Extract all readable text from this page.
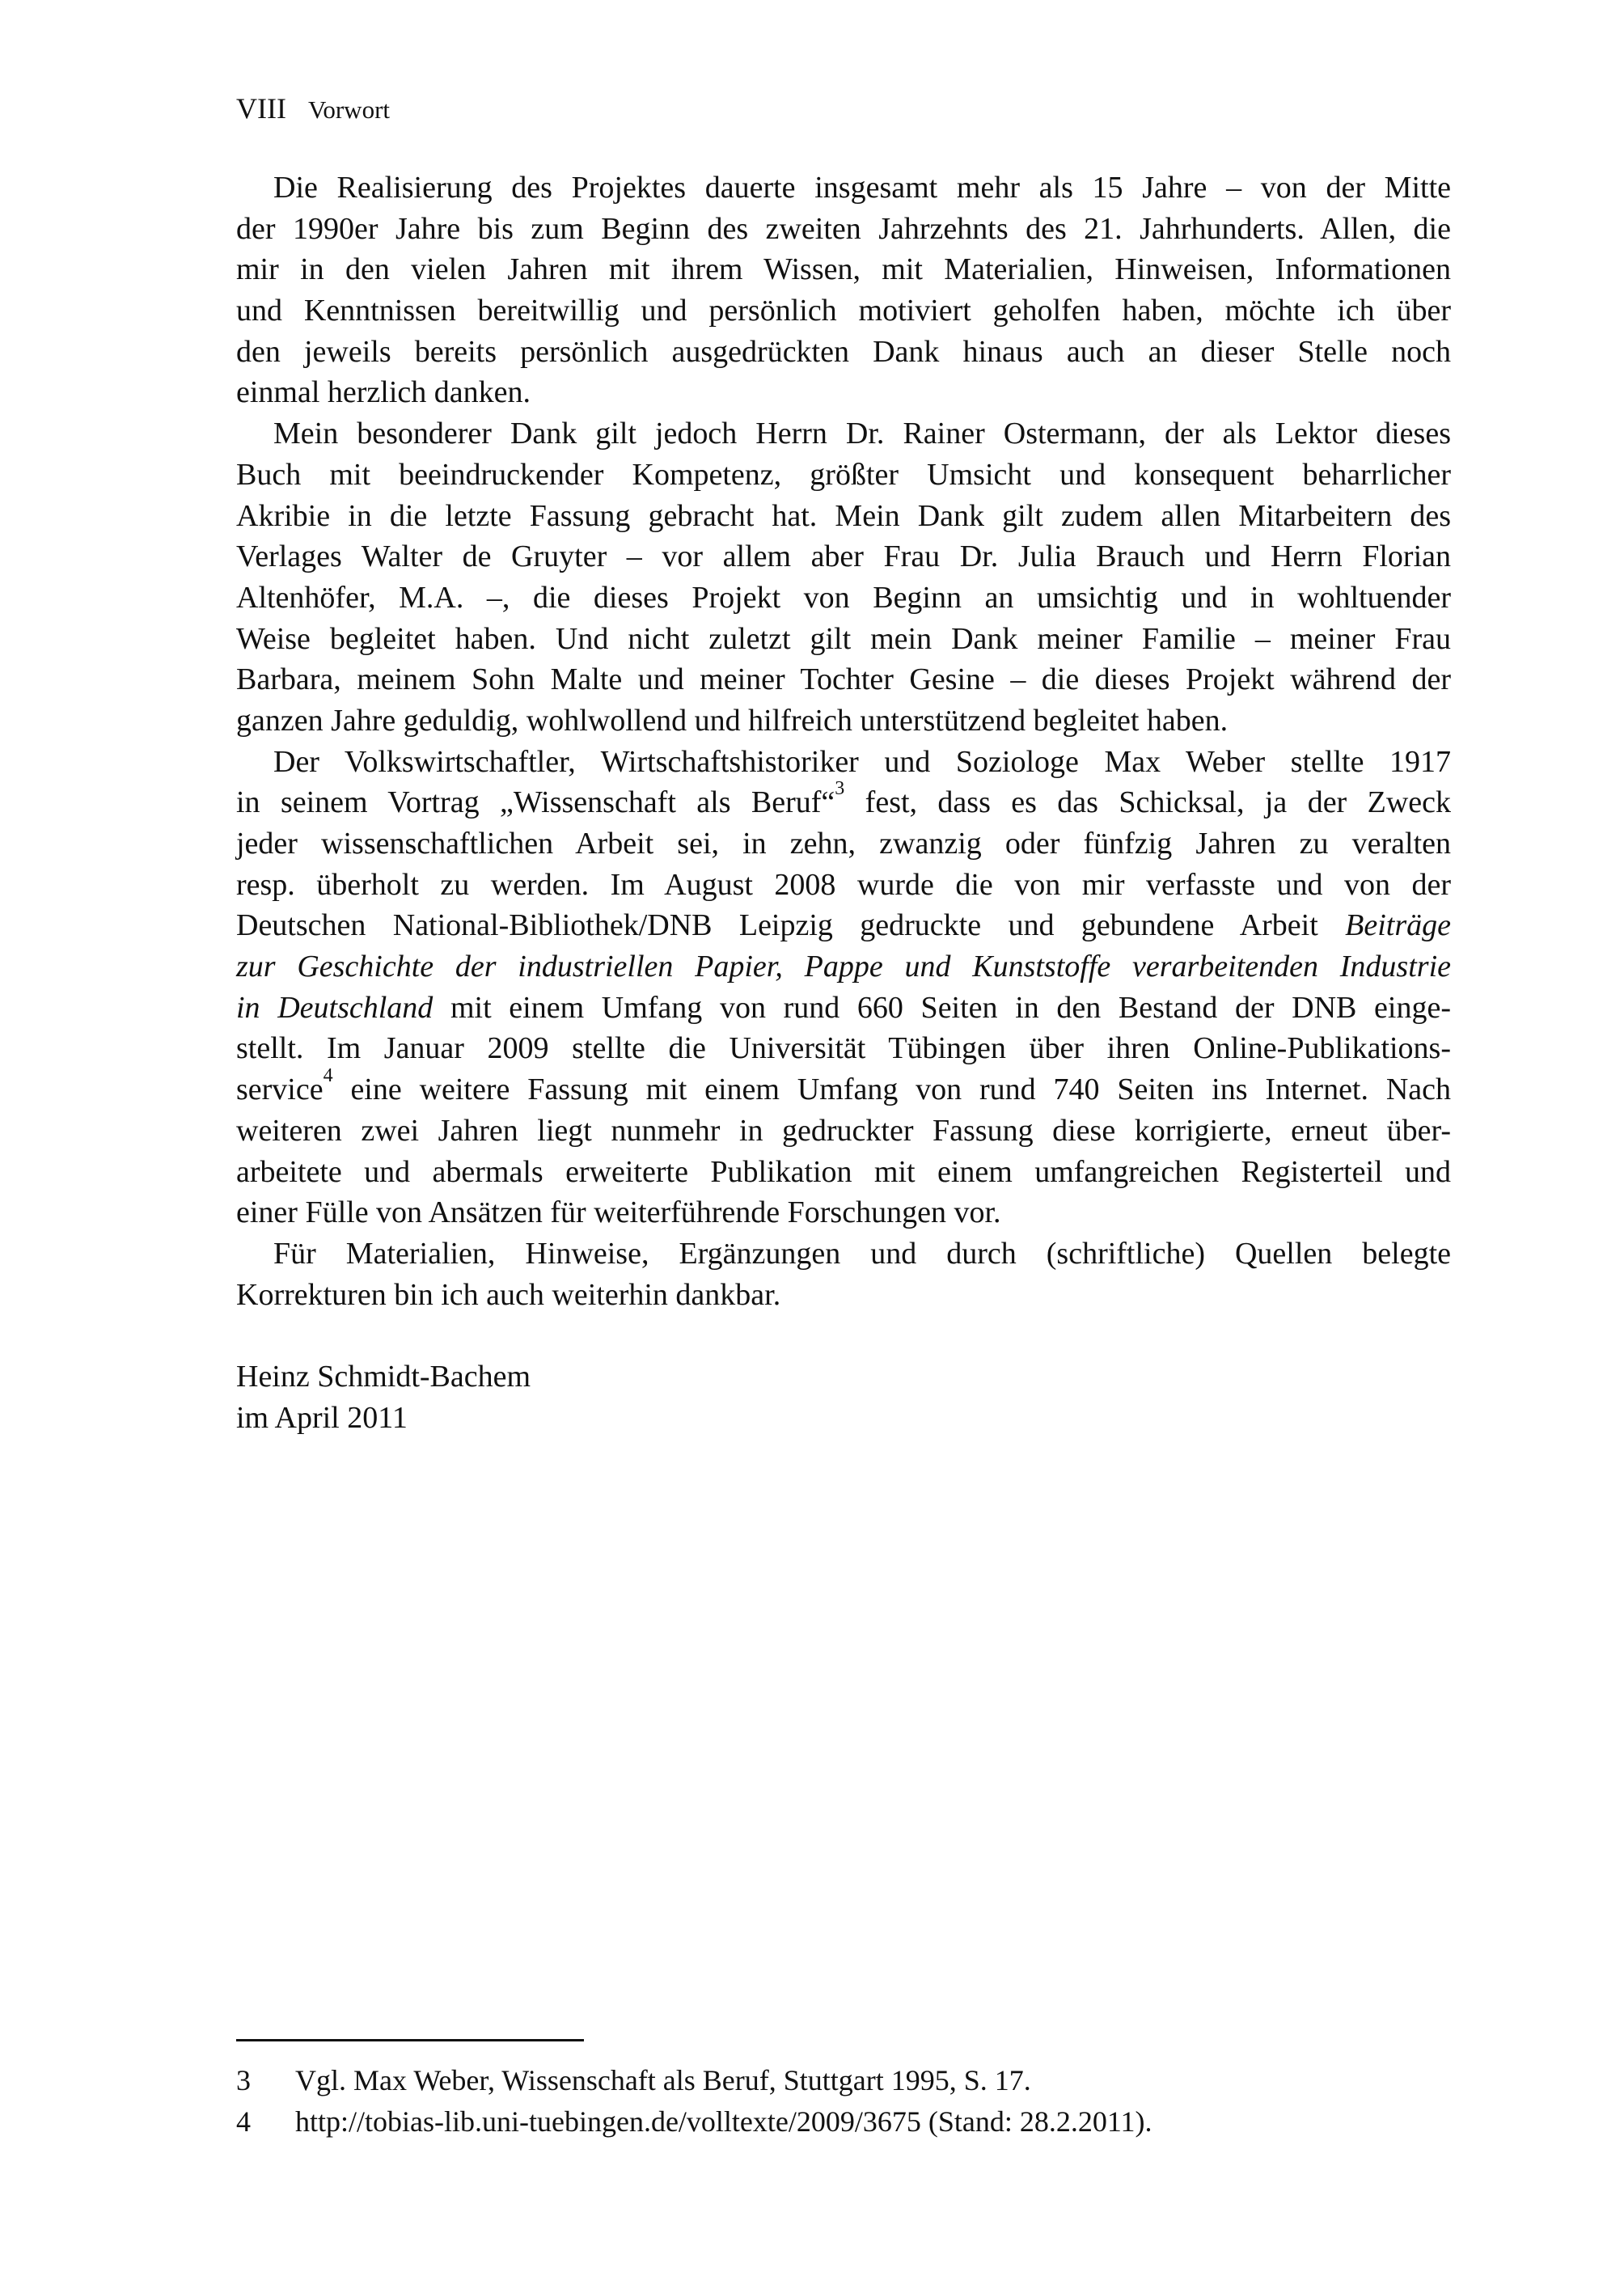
VIII Vorwort
Die Realisierung des Projektes dauerte insgesamt mehr als 15 Jahre – von der Mitte
der 1990er Jahre bis zum Beginn des zweiten Jahrzehnts des 21. Jahrhunderts. Allen, die
mir in den vielen Jahren mit ihrem Wissen, mit Materialien, Hinweisen, Informationen
und Kenntnissen bereitwillig und persönlich motiviert geholfen haben, möchte ich über
den jeweils bereits persönlich ausgedrückten Dank hinaus auch an dieser Stelle noch
einmal herzlich danken.
Mein besonderer Dank gilt jedoch Herrn Dr. Rainer Ostermann, der als Lektor dieses
Buch mit beeindruckender Kompetenz, größter Umsicht und konsequent beharrlicher
Akribie in die letzte Fassung gebracht hat. Mein Dank gilt zudem allen Mitarbeitern des
Verlages Walter de Gruyter – vor allem aber Frau Dr. Julia Brauch und Herrn Florian
Altenhöfer, M.A. –, die dieses Projekt von Beginn an umsichtig und in wohltuender
Weise begleitet haben. Und nicht zuletzt gilt mein Dank meiner Familie – meiner Frau
Barbara, meinem Sohn Malte und meiner Tochter Gesine – die dieses Projekt während der
ganzen Jahre geduldig, wohlwollend und hilfreich unterstützend begleitet haben.
Der Volkswirtschaftler, Wirtschaftshistoriker und Soziologe Max Weber stellte 1917
in seinem Vortrag „Wissenschaft als Beruf“$^3$ fest, dass es das Schicksal, ja der Zweck
jeder wissenschaftlichen Arbeit sei, in zehn, zwanzig oder fünfzig Jahren zu veralten
resp. überholt zu werden. Im August 2008 wurde die von mir verfasste und von der
Deutschen National-Bibliothek/DNB Leipzig gedruckte und gebundene Arbeit Beiträge
zur Geschichte der industriellen Papier, Pappe und Kunststoffe verarbeitenden Industrie
in Deutschland mit einem Umfang von rund 660 Seiten in den Bestand der DNB einge-
stellt. Im Januar 2009 stellte die Universität Tübingen über ihren Online-Publikations-
service$^4$ eine weitere Fassung mit einem Umfang von rund 740 Seiten ins Internet. Nach
weiteren zwei Jahren liegt nunmehr in gedruckter Fassung diese korrigierte, erneut über-
arbeitete und abermals erweiterte Publikation mit einem umfangreichen Registerteil und
einer Fülle von Ansätzen für weiterführende Forschungen vor.
Für Materialien, Hinweise, Ergänzungen und durch (schriftliche) Quellen belegte
Korrekturen bin ich auch weiterhin dankbar.
Heinz Schmidt-Bachem
im April 2011
3	Vgl. Max Weber, Wissenschaft als Beruf, Stuttgart 1995, S. 17.
4	http://tobias-lib.uni-tuebingen.de/volltexte/2009/3675 (Stand: 28.2.2011).
